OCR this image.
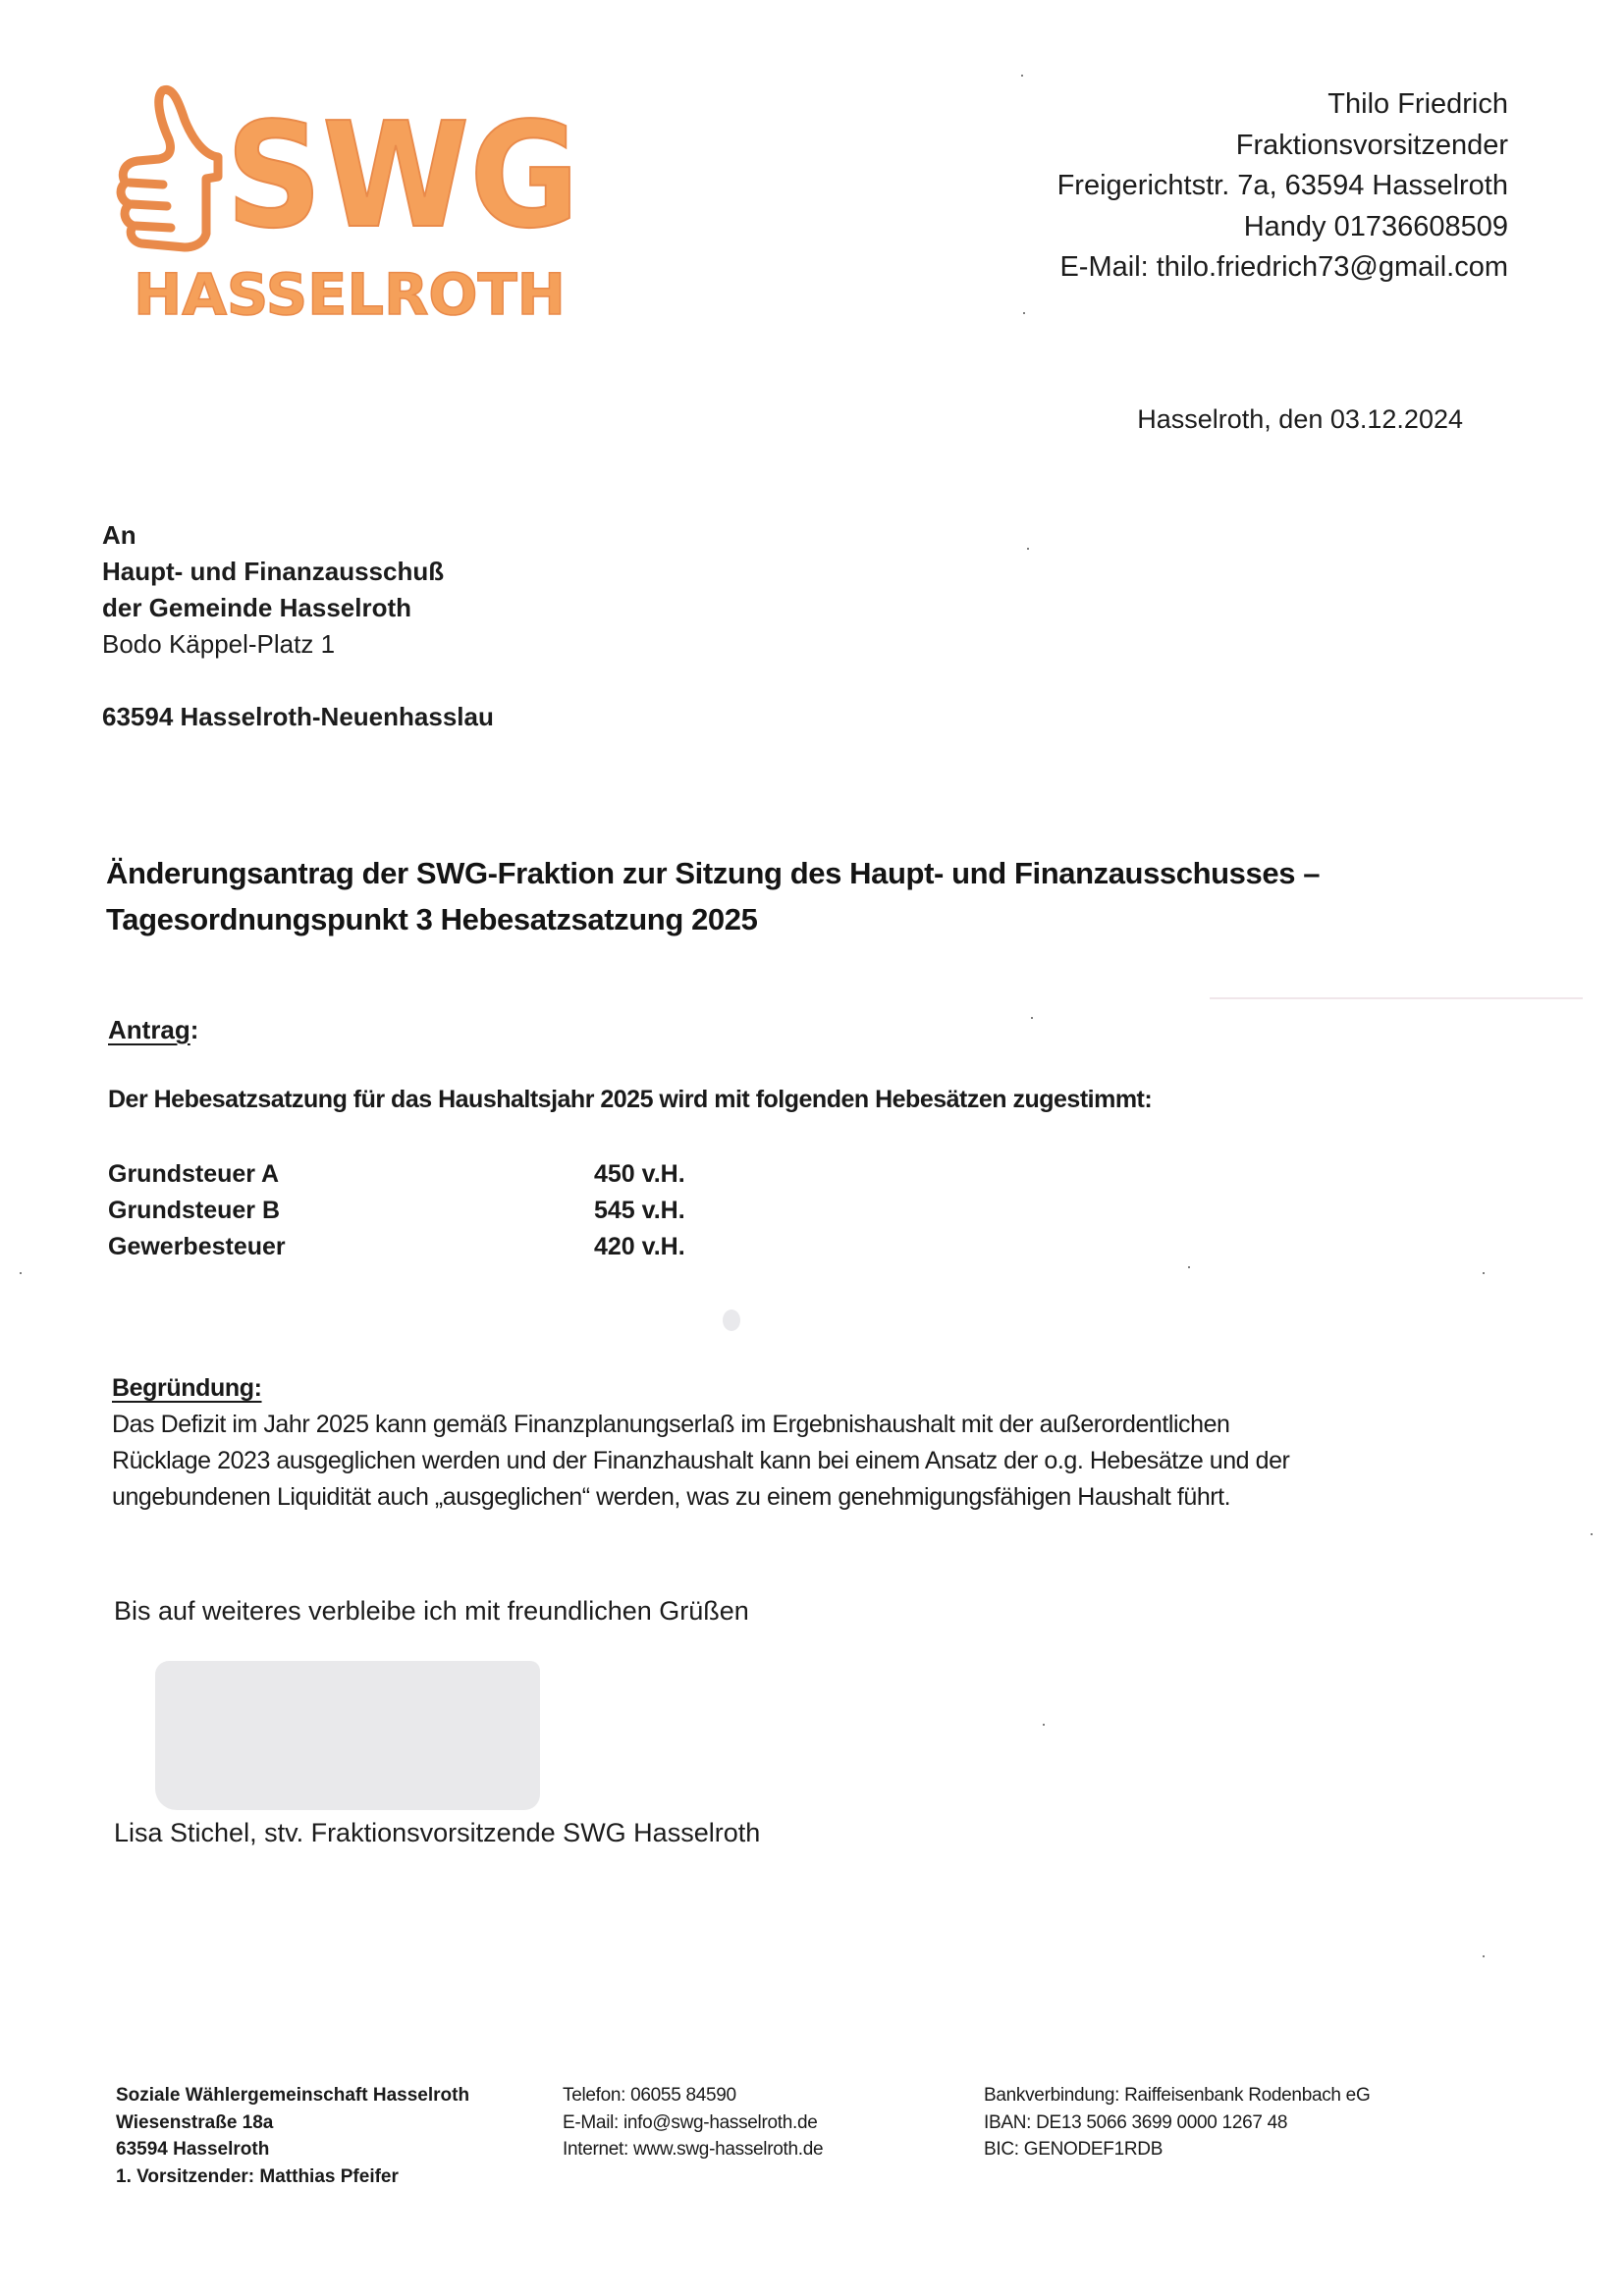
SWG
HASSELROTH
Thilo Friedrich
Fraktionsvorsitzender
Freigerichtstr. 7a, 63594 Hasselroth
Handy 01736608509
E-Mail: thilo.friedrich73@gmail.com
Hasselroth, den 03.12.2024
An
Haupt- und Finanzausschuß
der Gemeinde Hasselroth
Bodo Käppel-Platz 1
63594 Hasselroth-Neuenhasslau
Änderungsantrag der SWG-Fraktion zur Sitzung des Haupt- und Finanzausschusses –
Tagesordnungspunkt 3 Hebesatzsatzung 2025
Antrag:
Der Hebesatzsatzung für das Haushaltsjahr 2025 wird mit folgenden Hebesätzen zugestimmt:
Grundsteuer A	450 v.H.
Grundsteuer B	545 v.H.
Gewerbesteuer	420 v.H.
Begründung:
Das Defizit im Jahr 2025 kann gemäß Finanzplanungserlaß im Ergebnishaushalt mit der außerordentlichen
Rücklage 2023 ausgeglichen werden und der Finanzhaushalt kann bei einem Ansatz der o.g. Hebesätze und der
ungebundenen Liquidität auch „ausgeglichen“ werden, was zu einem genehmigungsfähigen Haushalt führt.
Bis auf weiteres verbleibe ich mit freundlichen Grüßen
Lisa Stichel, stv. Fraktionsvorsitzende SWG Hasselroth
Soziale Wählergemeinschaft Hasselroth
Wiesenstraße 18a
63594 Hasselroth
1. Vorsitzender: Matthias Pfeifer
Telefon: 06055 84590
E-Mail: info@swg-hasselroth.de
Internet: www.swg-hasselroth.de
Bankverbindung: Raiffeisenbank Rodenbach eG
IBAN: DE13 5066 3699 0000 1267 48
BIC: GENODEF1RDB
